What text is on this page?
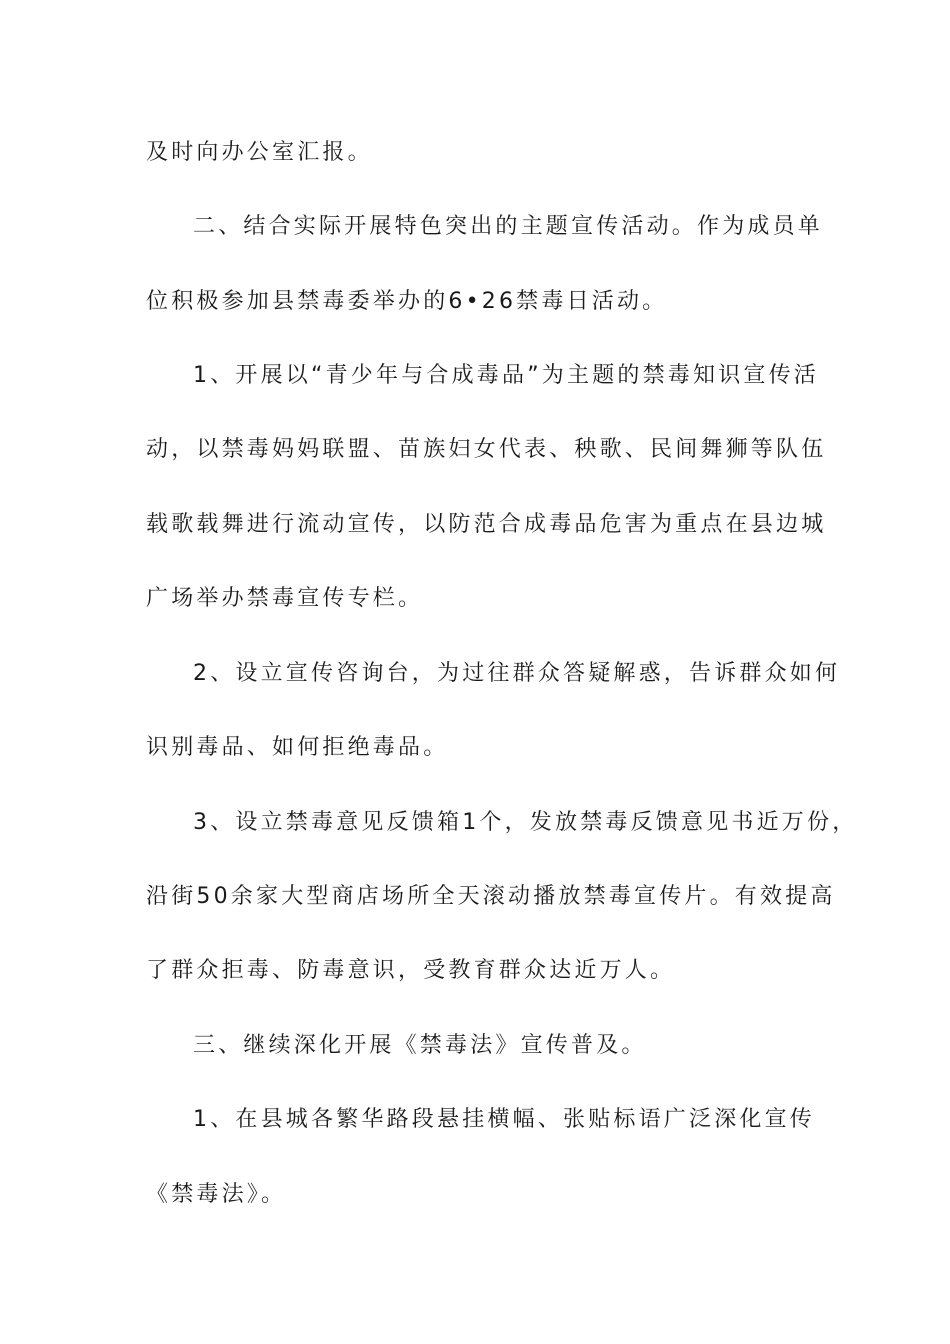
及时向办公室汇报。
二、结合实际开展特色突出的主题宣传活动。作为成员单
位积极参加县禁毒委举办的6•26禁毒日活动。
1、开展以“青少年与合成毒品”为主题的禁毒知识宣传活
动，以禁毒妈妈联盟、苗族妇女代表、秧歌、民间舞狮等队伍
载歌载舞进行流动宣传，以防范合成毒品危害为重点在县边城
广场举办禁毒宣传专栏。
2、设立宣传咨询台，为过往群众答疑解惑，告诉群众如何
识别毒品、如何拒绝毒品。
3、设立禁毒意见反馈箱1个，发放禁毒反馈意见书近万份，
沿街50余家大型商店场所全天滚动播放禁毒宣传片。有效提高
了群众拒毒、防毒意识，受教育群众达近万人。
三、继续深化开展《禁毒法》宣传普及。
1、在县城各繁华路段悬挂横幅、张贴标语广泛深化宣传
《禁毒法》。
